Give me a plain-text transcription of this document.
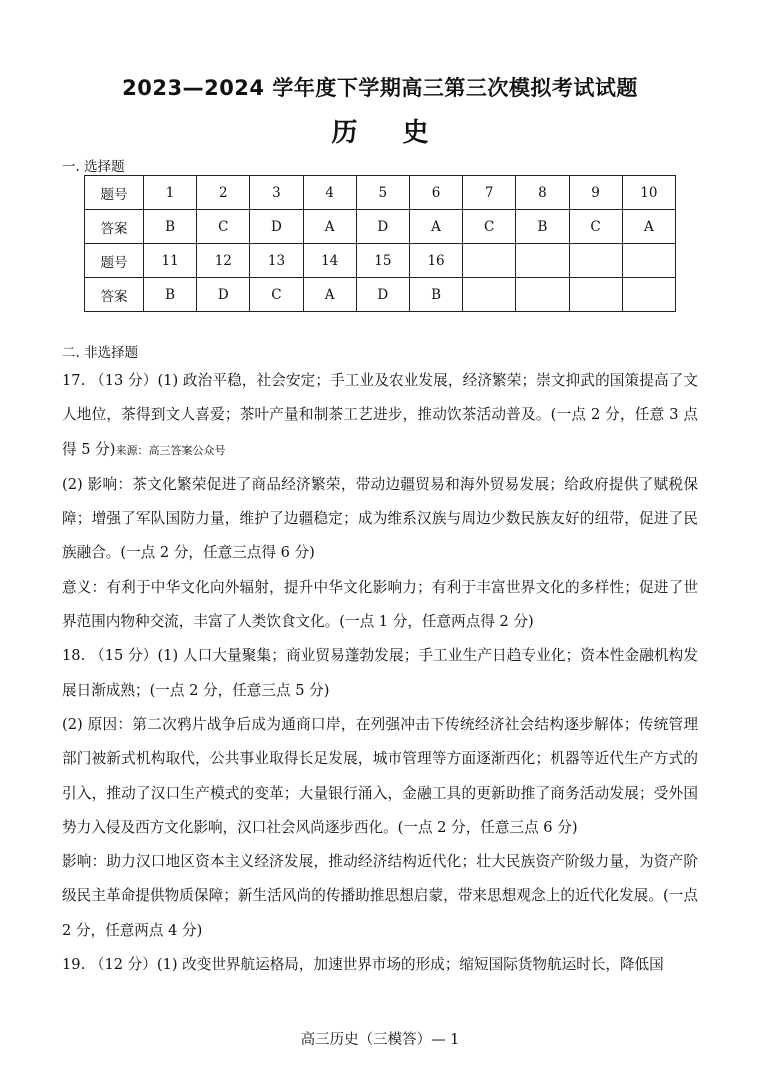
2023—2024 学年度下学期高三第三次模拟考试试题
历 史
一. 选择题
题号	1	2	3	4	5	6	7	8	9	10
答案	B	C	D	A	D	A	C	B	C	A
题号	11	12	13	14	15	16				
答案	B	D	C	A	D	B				
二. 非选择题

17. （13 分）(1) 政治平稳，社会安定；手工业及农业发展，经济繁荣；崇文抑武的国策提高了文人地位，茶得到文人喜爱；茶叶产量和制茶工艺进步，推动饮茶活动普及。(一点 2 分，任意 3 点得 5 分)来源：高三答案公众号

(2) 影响：茶文化繁荣促进了商品经济繁荣，带动边疆贸易和海外贸易发展；给政府提供了赋税保障；增强了军队国防力量，维护了边疆稳定；成为维系汉族与周边少数民族友好的纽带，促进了民族融合。(一点 2 分，任意三点得 6 分)

意义：有利于中华文化向外辐射，提升中华文化影响力；有利于丰富世界文化的多样性；促进了世界范围内物种交流，丰富了人类饮食文化。(一点 1 分，任意两点得 2 分)

18. （15 分）(1) 人口大量聚集；商业贸易蓬勃发展；手工业生产日趋专业化；资本性金融机构发展日渐成熟；(一点 2 分，任意三点 5 分)

(2) 原因：第二次鸦片战争后成为通商口岸，在列强冲击下传统经济社会结构逐步解体；传统管理部门被新式机构取代，公共事业取得长足发展，城市管理等方面逐渐西化；机器等近代生产方式的引入，推动了汉口生产模式的变革；大量银行涌入，金融工具的更新助推了商务活动发展；受外国势力入侵及西方文化影响，汉口社会风尚逐步西化。(一点 2 分，任意三点 6 分)

影响：助力汉口地区资本主义经济发展，推动经济结构近代化；壮大民族资产阶级力量，为资产阶级民主革命提供物质保障；新生活风尚的传播助推思想启蒙，带来思想观念上的近代化发展。(一点 2 分，任意两点 4 分)

19. （12 分）(1) 改变世界航运格局，加速世界市场的形成；缩短国际货物航运时长，降低国

高三历史（三模答）— 1
